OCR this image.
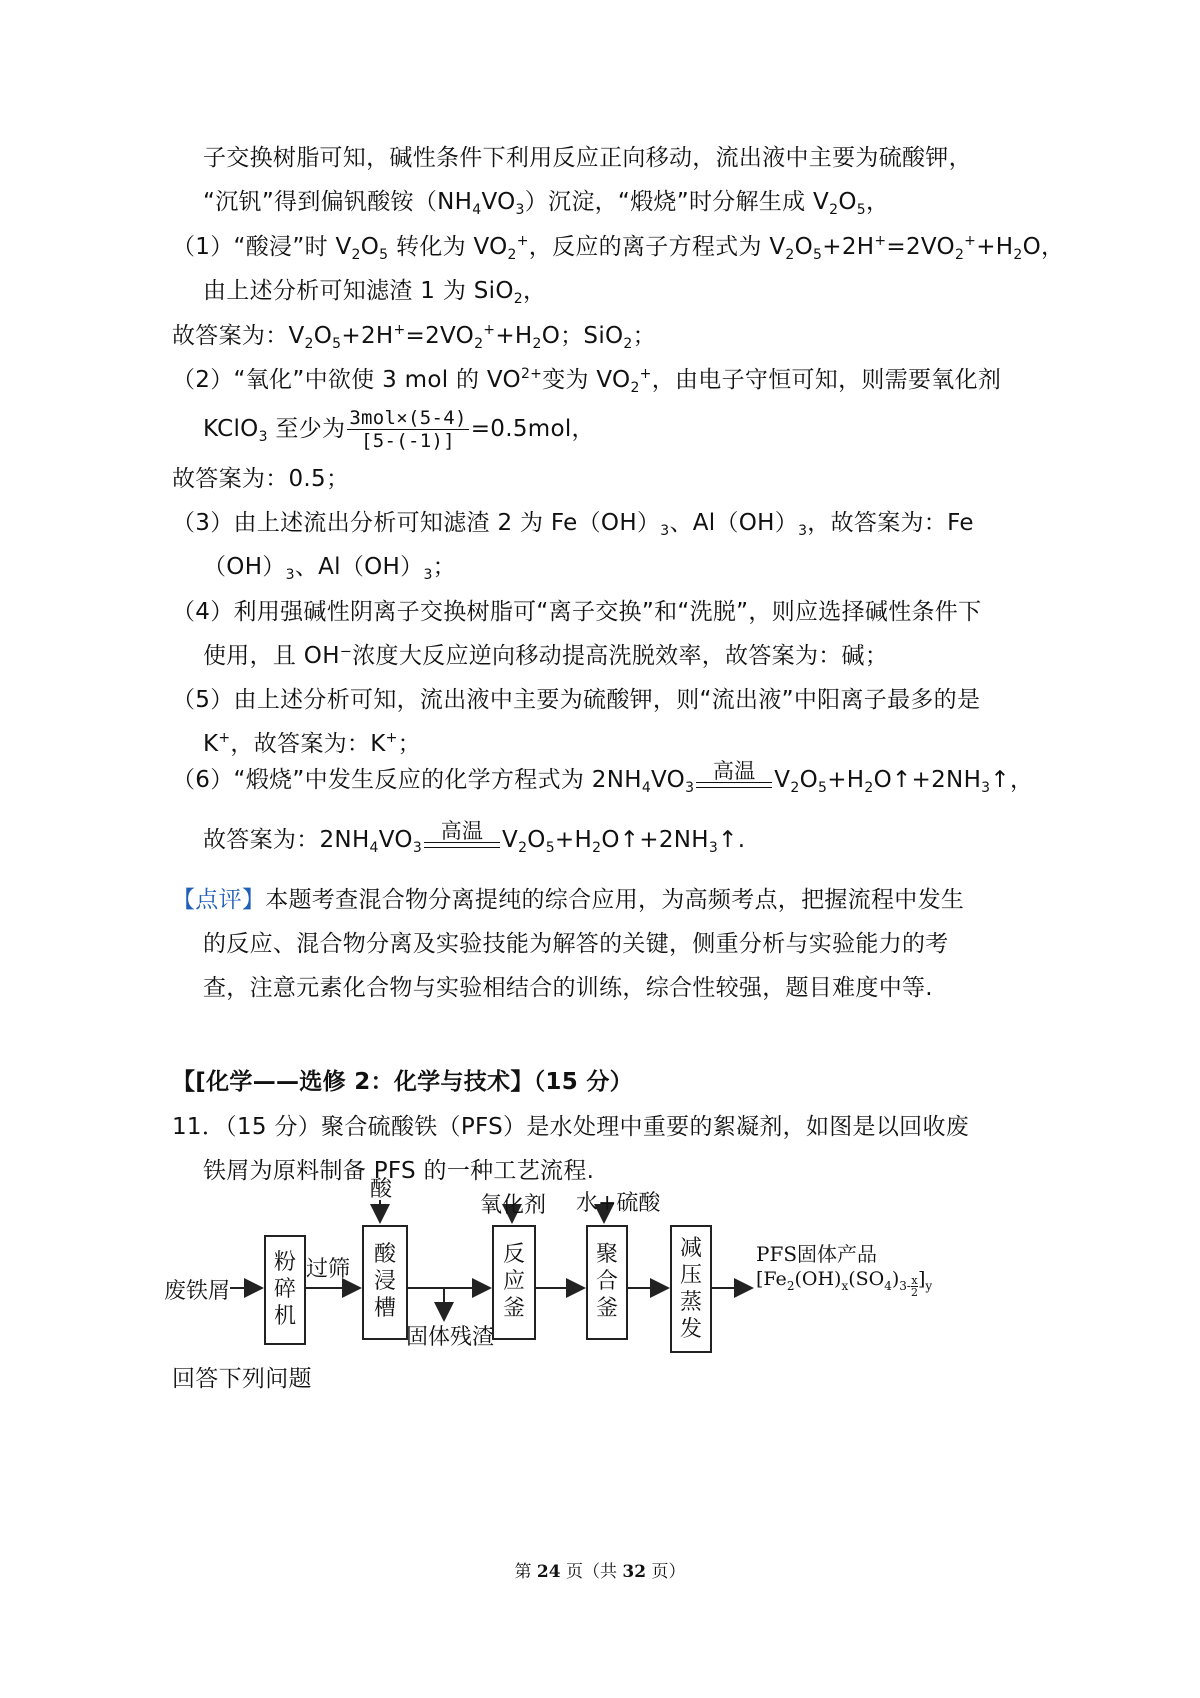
子交换树脂可知，碱性条件下利用反应正向移动，流出液中主要为硫酸钾，
“沉钒”得到偏钒酸铵$(NH_4VO_3)$沉淀，“煅烧”时分解生成 $V_2O_5$，
（1）“酸浸”时 $V_2O_5$ 转化为 $VO_2^+$，反应的离子方程式为 $V_2O_5+2H^+=2VO_2^++H_2O$，
由上述分析可知滤渣 1 为 SiO$_2$，
故答案为：$V_2O_5+2H^+=2VO_2^++H_2O$；SiO$_2$；
（2）“氧化”中欲使 3 mol 的 $VO^{2+}$变为 $VO_2^+$，由电子守恒可知，则需要氧化剂
KClO$_3$ 至少为 $\frac{\text{3mol×(5-4)}}{[5-(-1)]} =0.5mol$，
故答案为：0.5；
（3）由上述流出分析可知滤渣 2 为 $Fe(OH)_3$、$Al(OH)_3$，故答案为：Fe
$(OH)_3$、$Al(OH)_3$；
（4）利用强碱性阴离子交换树脂可“离子交换”和“洗脱”，则应选择碱性条件下
使用，且 OH⁻浓度大反应逆向移动提高洗脱效率，故答案为：碱；
（5）由上述分析可知，流出液中主要为硫酸钾，则“流出液”中阳离子最多的是
K+，故答案为：K+；
（6）“煅烧”中发生反应的化学方程式为 $2NH_4VO_3$
高温 $V_2O_5+H_2O↑+2NH_3↑$，
故答案为：$2NH_4VO_3$
高温 $V_2O_5+H_2O↑+2NH_3↑$.
【点评】本题考查混合物分离提纯的综合应用，为高频考点，把握流程中发生
的反应、混合物分离及实验技能为解答的关键，侧重分析与实验能力的考
查，注意元素化合物与实验相结合的训练，综合性较强，题目难度中等.
【[化学——选修 2：化学与技术】（15 分）
11．（15 分）聚合硫酸铁（PFS）是水处理中重要的絮凝剂，如图是以回收废
铁屑为原料制备 PFS 的一种工艺流程.
废铁屑
过筛
酸
氧化剂 水+硫酸
固体残渣
粉碎机
酸浸槽
反应釜
聚合釜
减压蒸发
PFS固体产品
[$Fe_2(OH)_x(SO_4)_{3- \frac{x}{2}}$ ]$_y$
回答下列问题
第 24 页（共 32 页）
